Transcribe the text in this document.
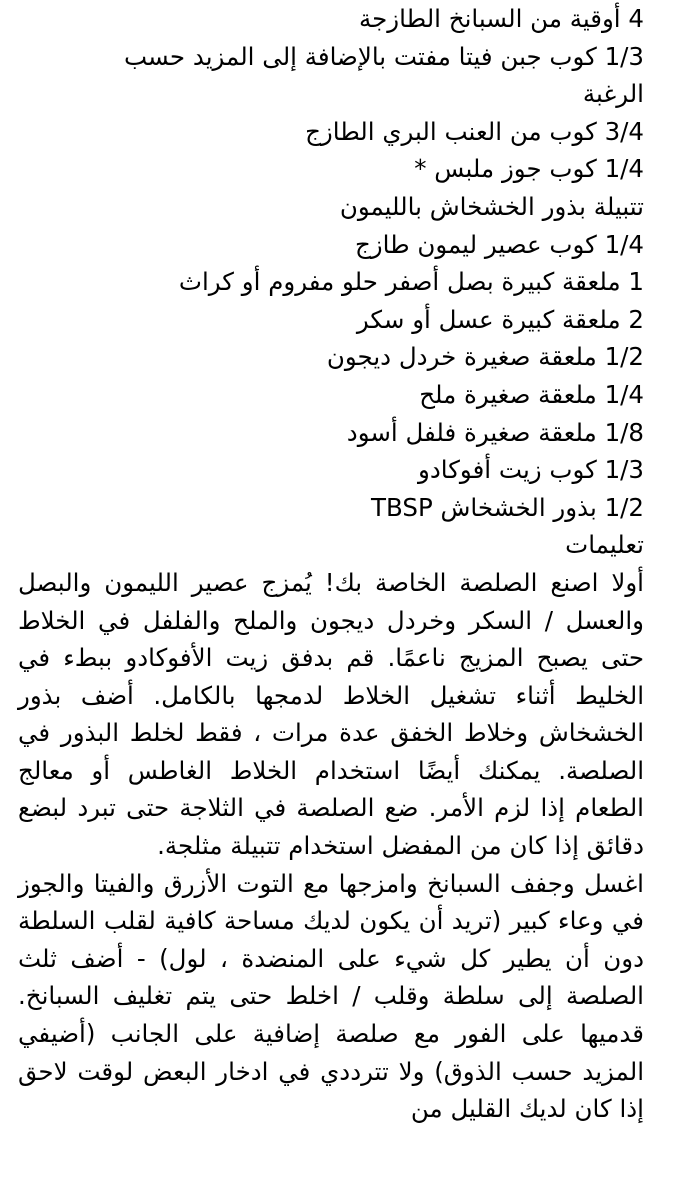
4 أوقية من السبانخ الطازجة
1/3 كوب جبن فيتا مفتت بالإضافة إلى المزيد حسب
الرغبة
3/4 كوب من العنب البري الطازج
1/4 كوب جوز ملبس *
تتبيلة بذور الخشخاش بالليمون
1/4 كوب عصير ليمون طازج
1 ملعقة كبيرة بصل أصفر حلو مفروم أو كراث
2 ملعقة كبيرة عسل أو سكر
1/2 ملعقة صغيرة خردل ديجون
1/4 ملعقة صغيرة ملح
1/8 ملعقة صغيرة فلفل أسود
1/3 كوب زيت أفوكادو
1/2 بذور الخشخاش TBSP
تعليمات

أولا اصنع الصلصة الخاصة بك! يُمزج عصير الليمون والبصل والعسل / السكر وخردل ديجون والملح والفلفل في الخلاط حتى يصبح المزيج ناعمًا. قم بدفق زيت الأفوكادو ببطء في الخليط أثناء تشغيل الخلاط لدمجها بالكامل. أضف بذور الخشخاش وخلاط الخفق عدة مرات ، فقط لخلط البذور في الصلصة. يمكنك أيضًا استخدام الخلاط الغاطس أو معالج الطعام إذا لزم الأمر. ضع الصلصة في الثلاجة حتى تبرد لبضع دقائق إذا كان من المفضل استخدام تتبيلة مثلجة.

اغسل وجفف السبانخ وامزجها مع التوت الأزرق والفيتا والجوز في وعاء كبير (تريد أن يكون لديك مساحة كافية لقلب السلطة دون أن يطير كل شيء على المنضدة ، لول) - أضف ثلث الصلصة إلى سلطة وقلب / اخلط حتى يتم تغليف السبانخ. قدميها على الفور مع صلصة إضافية على الجانب (أضيفي المزيد حسب الذوق) ولا تترددي في ادخار البعض لوقت لاحق إذا كان لديك القليل من
